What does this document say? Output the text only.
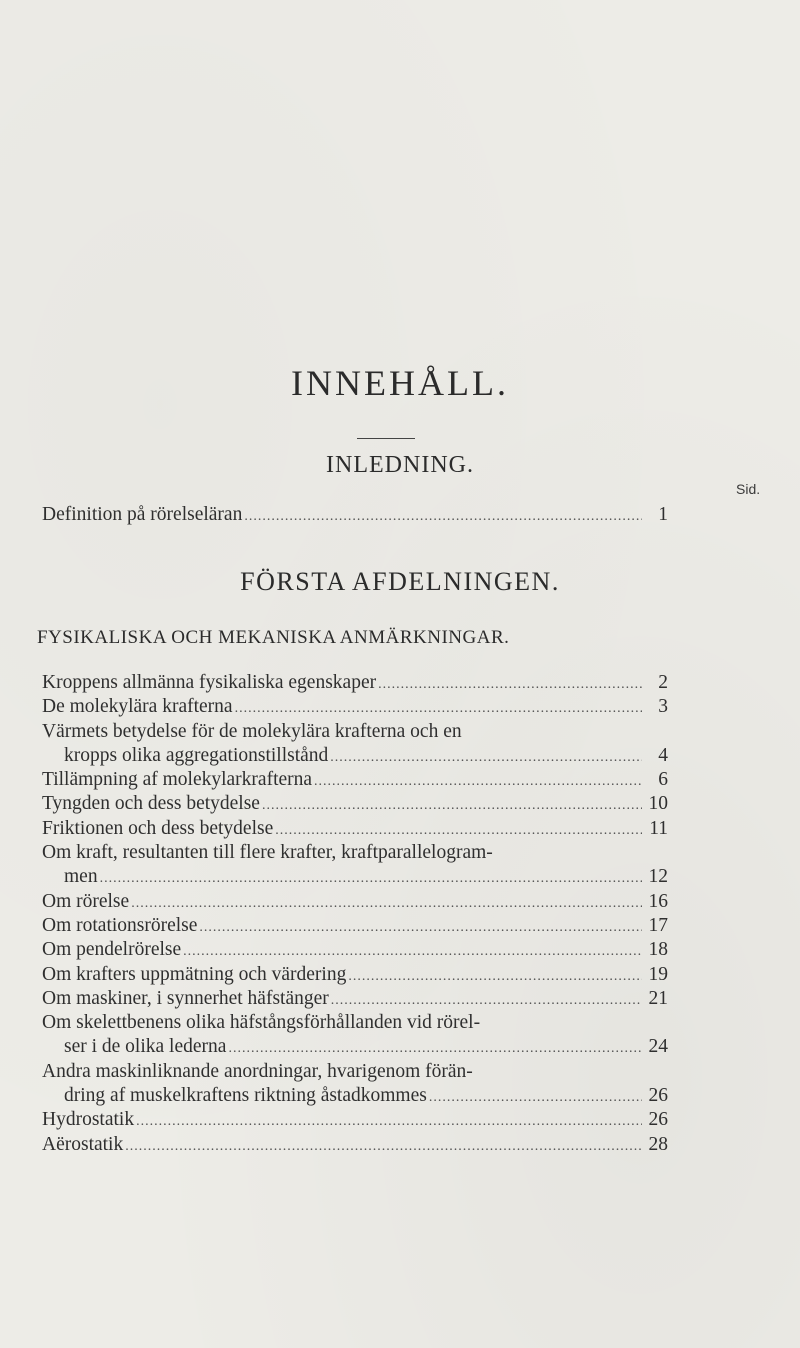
INNEHÅLL.
INLEDNING.
Sid.
Definition på rörelseläran .....	1
FÖRSTA AFDELNINGEN.
FYSIKALISKA OCH MEKANISKA ANMÄRKNINGAR.
Kroppens allmänna fysikaliska egenskaper .....	2
De molekylära krafterna .....	3
Värmets betydelse för de molekylära krafterna och en
kropps olika aggregationstillstånd .....	4
Tillämpning af molekylarkrafterna .....	6
Tyngden och dess betydelse .....	10
Friktionen och dess betydelse .....	11
Om kraft, resultanten till flere krafter, kraftparallelogram-
men .....	12
Om rörelse .....	16
Om rotationsrörelse .....	17
Om pendelrörelse .....	18
Om krafters uppmätning och värdering .....	19
Om maskiner, i synnerhet häfstänger .....	21
Om skelettbenens olika häfstångsförhållanden vid rörel-
ser i de olika lederna .....	24
Andra maskinliknande anordningar, hvarigenom förän-
dring af muskelkraftens riktning åstadkommes .....	26
Hydrostatik .....	26
Aërostatik .....	28
